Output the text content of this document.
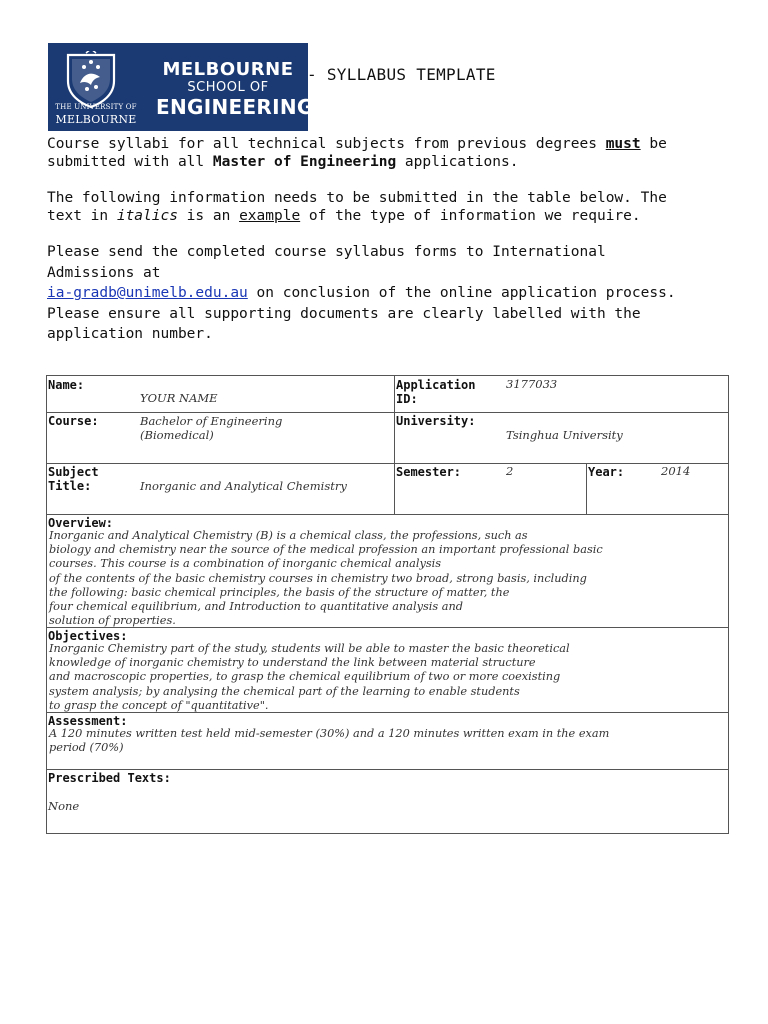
THE UNIVERSITY OF
MELBOURNE
MELBOURNE
SCHOOL OF
ENGINEERING
- SYLLABUS TEMPLATE
Course syllabi for all technical subjects from previous degrees must be
submitted with all Master of Engineering applications.
The following information needs to be submitted in the table below. The
text in italics is an example of the type of information we require.
Please send the completed course syllabus forms to International
Admissions at
ia-gradb@unimelb.edu.au on conclusion of the online application process.
Please ensure all supporting documents are clearly labelled with the
application number.
Name:
YOUR NAME
Application
ID:
3177033
Course:	Bachelor of Engineering
(Biomedical)
University:
Tsinghua University
Subject
Title:	Inorganic and Analytical Chemistry
Semester:	2	Year:	2014
Overview:
Inorganic and Analytical Chemistry (B) is a chemical class, the professions, such as
biology and chemistry near the source of the medical profession an important professional basic
courses. This course is a combination of inorganic chemical analysis
of the contents of the basic chemistry courses in chemistry two broad, strong basis, including
the following: basic chemical principles, the basis of the structure of matter, the
four chemical equilibrium, and Introduction to quantitative analysis and
solution of properties.
Objectives:
Inorganic Chemistry part of the study, students will be able to master the basic theoretical
knowledge of inorganic chemistry to understand the link between material structure
and macroscopic properties, to grasp the chemical equilibrium of two or more coexisting
system analysis; by analysing the chemical part of the learning to enable students
to grasp the concept of "quantitative".
Assessment:
A 120 minutes written test held mid-semester (30%) and a 120 minutes written exam in the exam
period (70%)
Prescribed Texts:
None
